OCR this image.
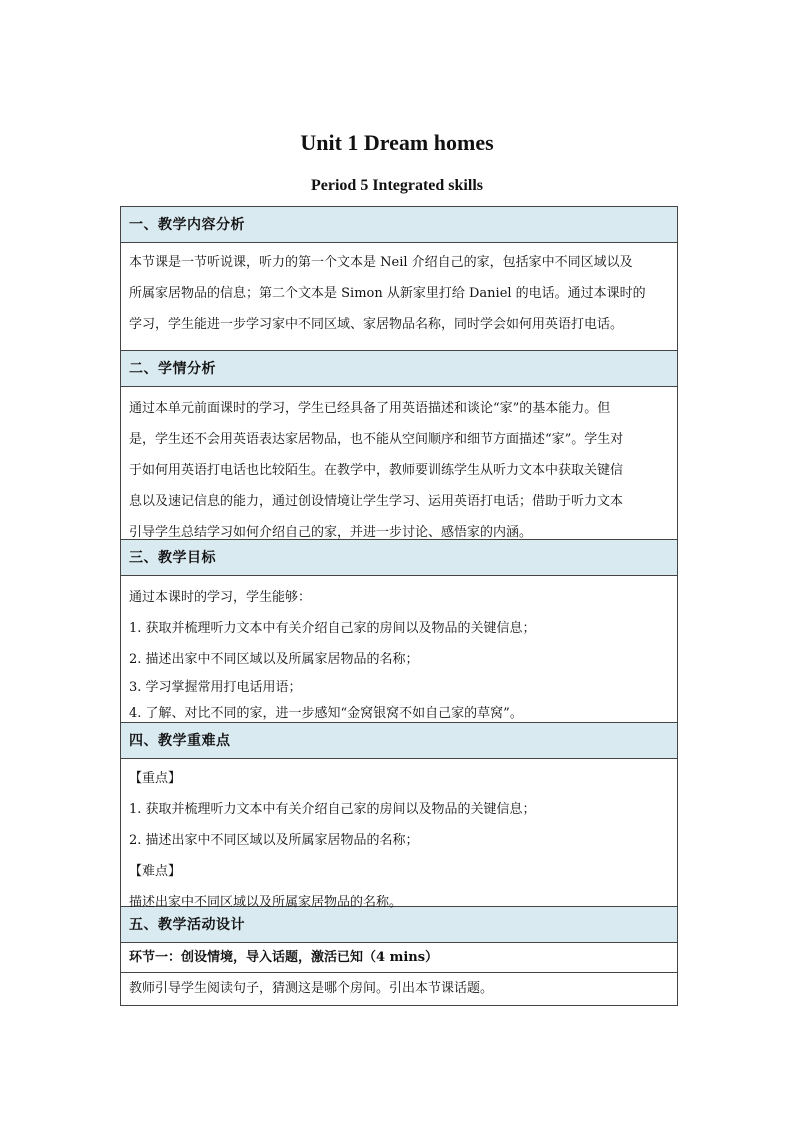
Unit 1 Dream homes
Period 5 Integrated skills
一、教学内容分析

本节课是一节听说课，听力的第一个文本是 Neil 介绍自己的家，包括家中不同区域以及

所属家居物品的信息；第二个文本是 Simon 从新家里打给 Daniel 的电话。通过本课时的

学习，学生能进一步学习家中不同区域、家居物品名称，同时学会如何用英语打电话。

二、学情分析

通过本单元前面课时的学习，学生已经具备了用英语描述和谈论“家”的基本能力。但

是，学生还不会用英语表达家居物品，也不能从空间顺序和细节方面描述“家”。学生对

于如何用英语打电话也比较陌生。在教学中，教师要训练学生从听力文本中获取关键信

息以及速记信息的能力，通过创设情境让学生学习、运用英语打电话；借助于听力文本

引导学生总结学习如何介绍自己的家，并进一步讨论、感悟家的内涵。

三、教学目标

通过本课时的学习，学生能够：

1. 获取并梳理听力文本中有关介绍自己家的房间以及物品的关键信息；

2. 描述出家中不同区域以及所属家居物品的名称；

3. 学习掌握常用打电话用语；

4. 了解、对比不同的家，进一步感知“金窝银窝不如自己家的草窝”。

四、教学重难点

【重点】

1. 获取并梳理听力文本中有关介绍自己家的房间以及物品的关键信息；

2. 描述出家中不同区域以及所属家居物品的名称；

【难点】

描述出家中不同区域以及所属家居物品的名称。

五、教学活动设计
环节一：创设情境，导入话题，激活已知（4 mins）

教师引导学生阅读句子，猜测这是哪个房间。引出本节课话题。
